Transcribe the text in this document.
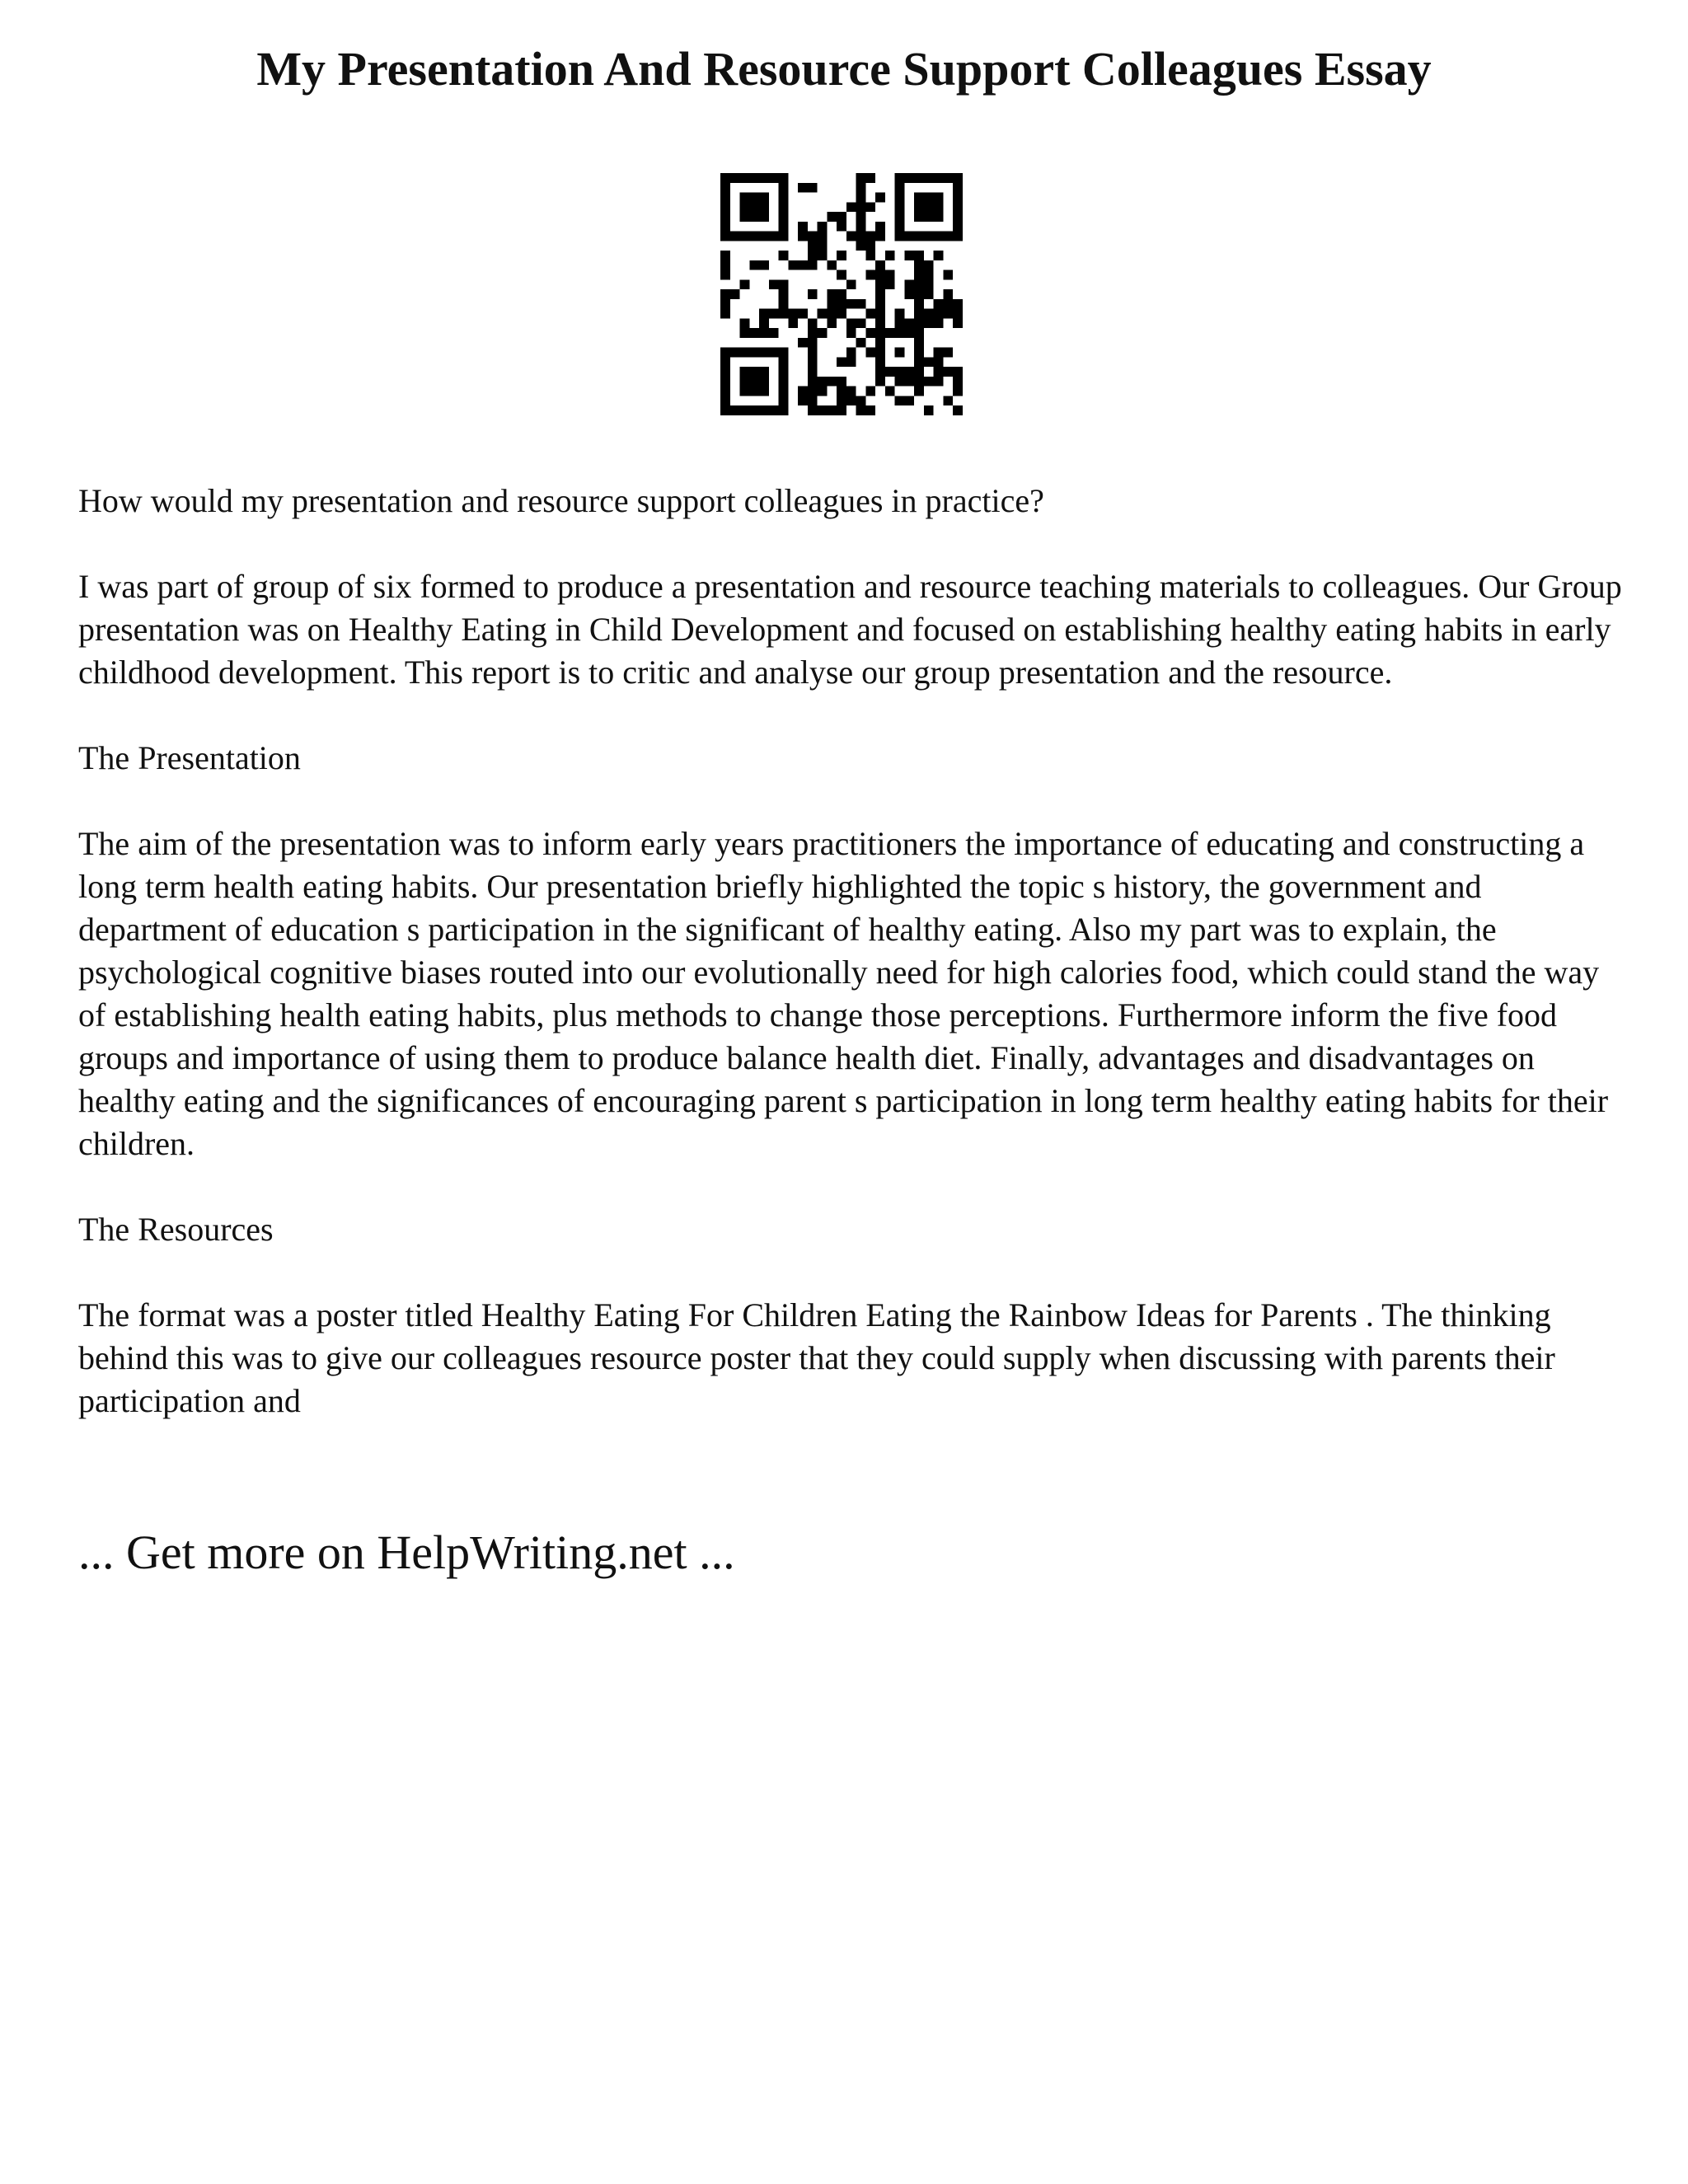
My Presentation And Resource Support Colleagues Essay

How would my presentation and resource support colleagues in practice?

I was part of group of six formed to produce a presentation and resource teaching materials to colleagues. Our Group presentation was on Healthy Eating in Child Development and focused on establishing healthy eating habits in early childhood development. This report is to critic and analyse our group presentation and the resource.

The Presentation

The aim of the presentation was to inform early years practitioners the importance of educating and constructing a long term health eating habits. Our presentation briefly highlighted the topic s history, the government and department of education s participation in the significant of healthy eating. Also my part was to explain, the psychological cognitive biases routed into our evolutionally need for high calories food, which could stand the way of establishing health eating habits, plus methods to change those perceptions. Furthermore inform the five food groups and importance of using them to produce balance health diet. Finally, advantages and disadvantages on healthy eating and the significances of encouraging parent s participation in long term healthy eating habits for their children.

The Resources

The format was a poster titled Healthy Eating For Children Eating the Rainbow Ideas for Parents . The thinking behind this was to give our colleagues resource poster that they could supply when discussing with parents their participation and

... Get more on HelpWriting.net ...
